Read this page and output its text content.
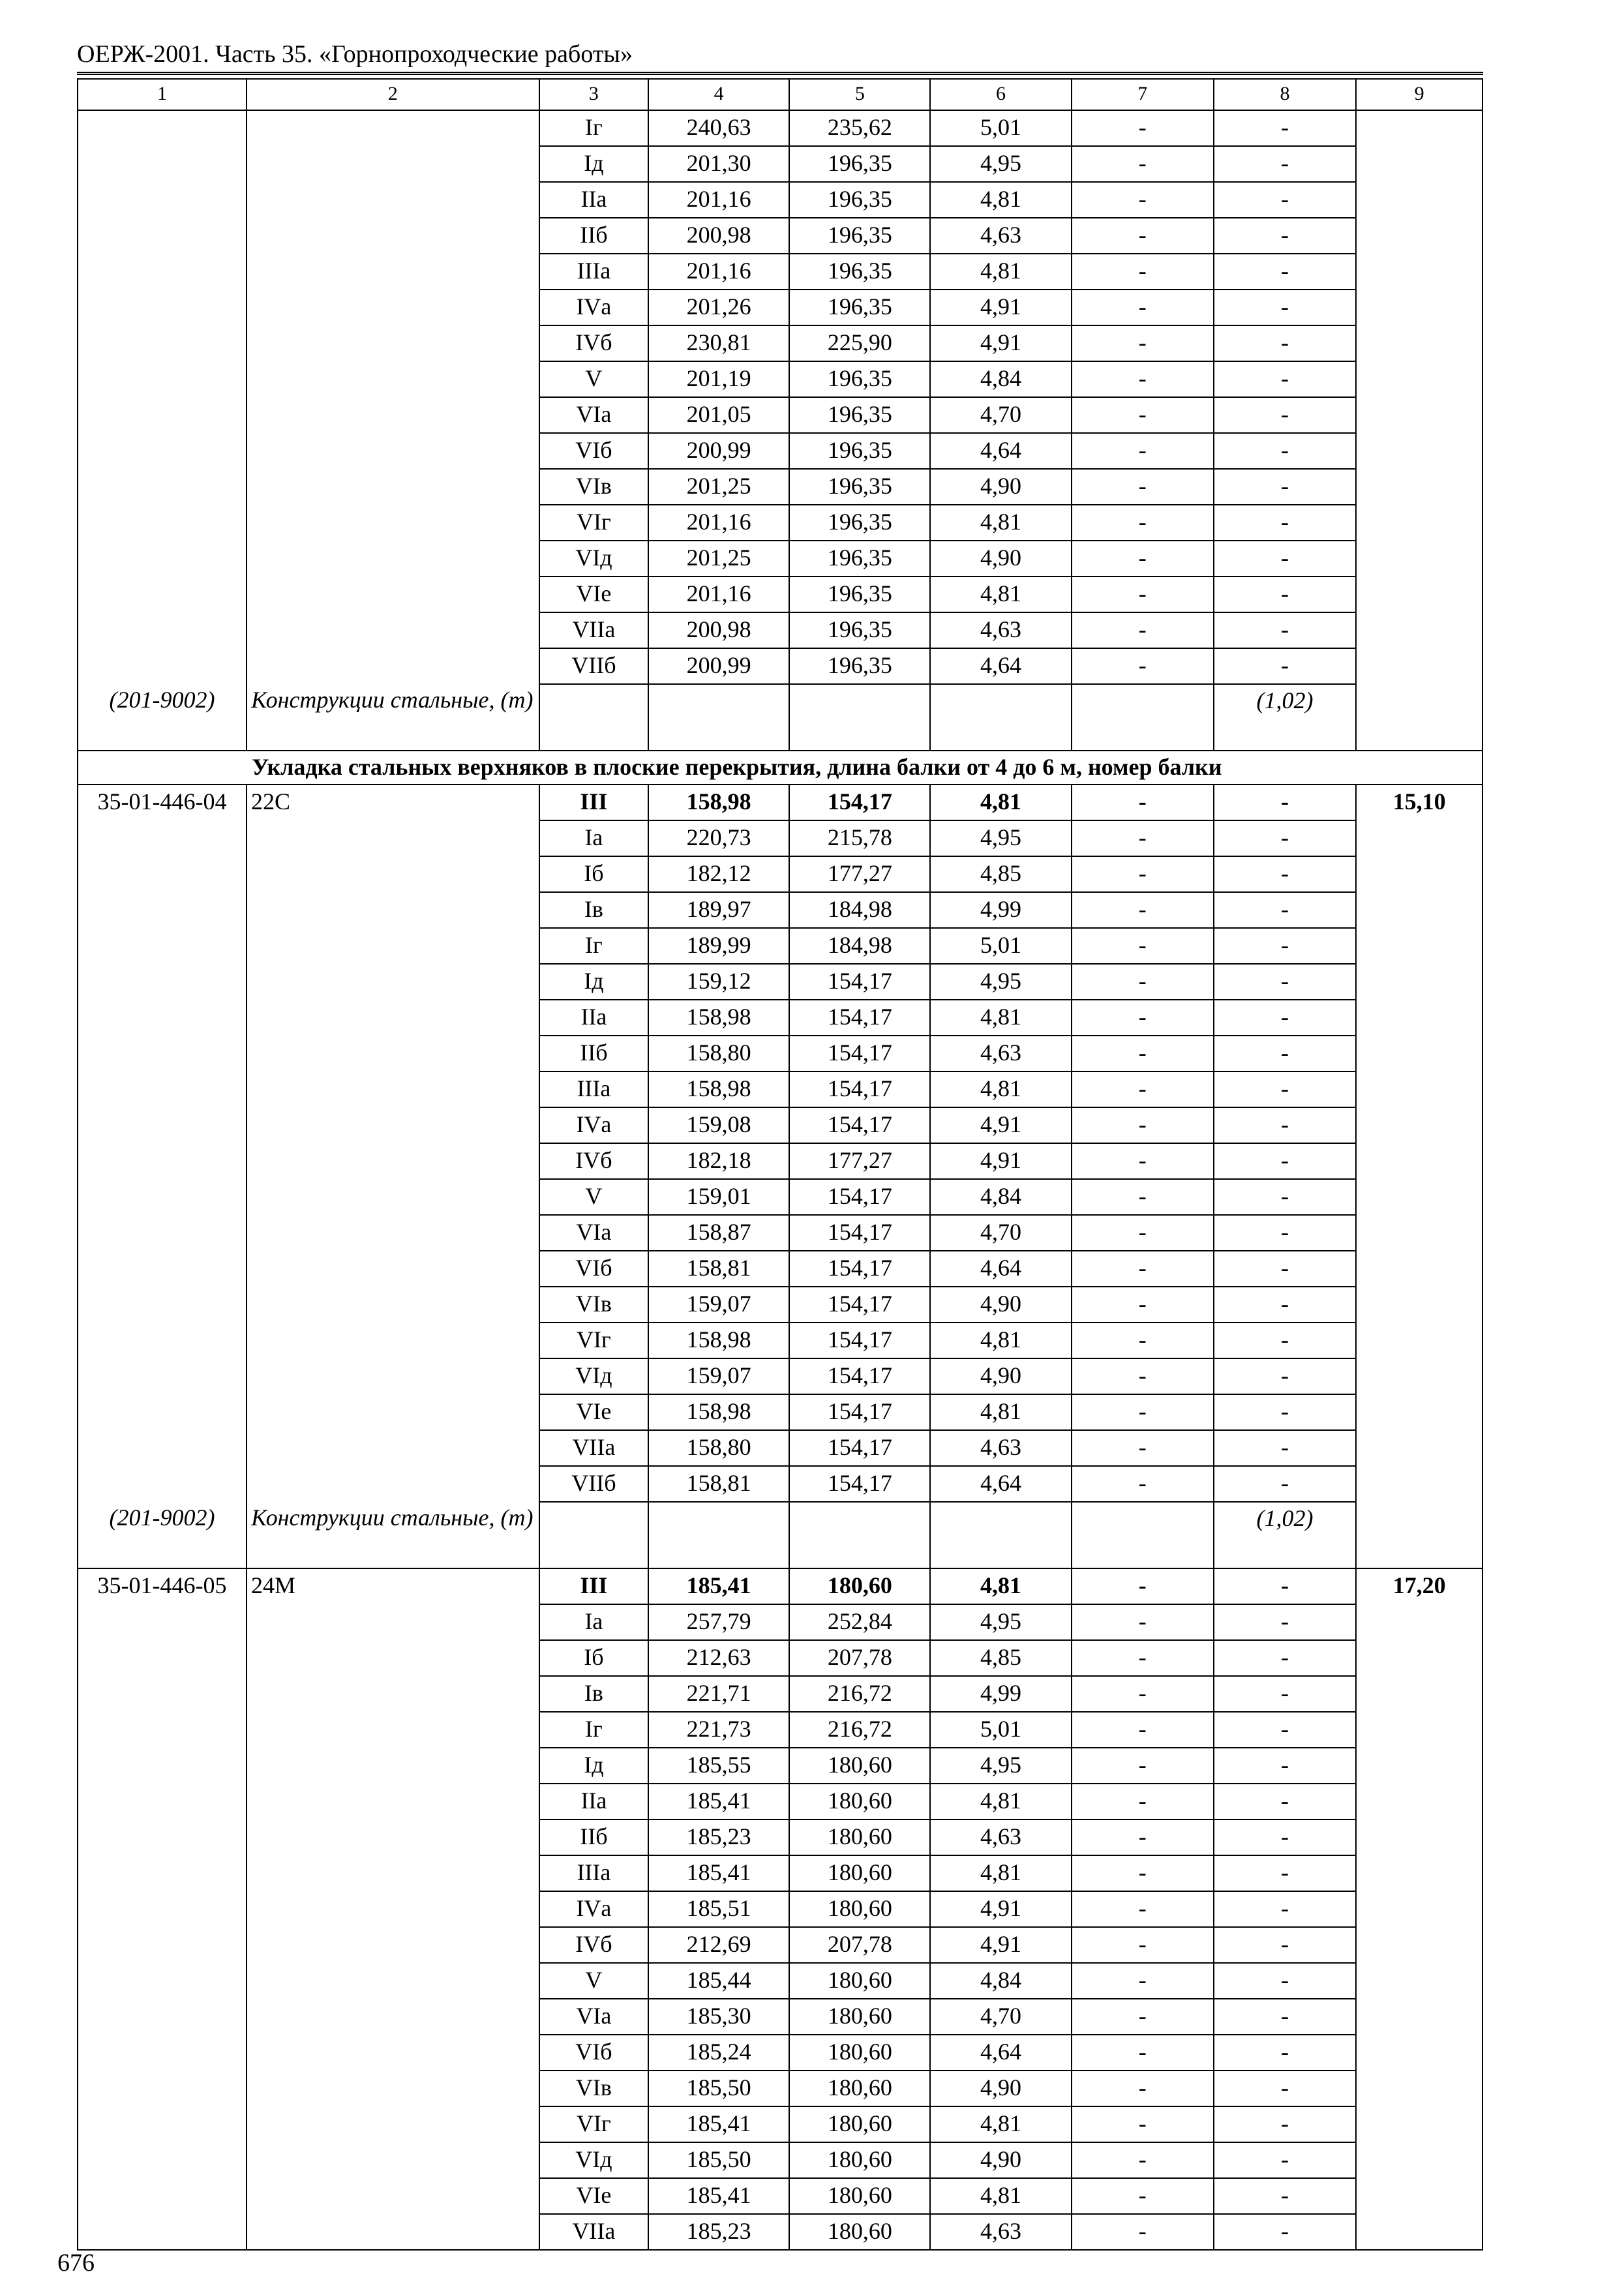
ОЕРЖ-2001. Часть 35. «Горнопроходческие работы»
1	2	3	4	5	6	7	8	9
		Iг	240,63	235,62	5,01	-	-	
		Iд	201,30	196,35	4,95	-	-	
		IIа	201,16	196,35	4,81	-	-	
		IIб	200,98	196,35	4,63	-	-	
		IIIа	201,16	196,35	4,81	-	-	
		IVа	201,26	196,35	4,91	-	-	
		IVб	230,81	225,90	4,91	-	-	
		V	201,19	196,35	4,84	-	-	
		VIа	201,05	196,35	4,70	-	-	
		VIб	200,99	196,35	4,64	-	-	
		VIв	201,25	196,35	4,90	-	-	
		VIг	201,16	196,35	4,81	-	-	
		VIд	201,25	196,35	4,90	-	-	
		VIе	201,16	196,35	4,81	-	-	
		VIIа	200,98	196,35	4,63	-	-	
		VIIб	200,99	196,35	4,64	-	-	
(201-9002)	Конструкции стальные, (т)						(1,02)	
Укладка стальных верхняков в плоские перекрытия, длина балки от 4 до 6 м, номер балки								
35-01-446-04	22С	III	158,98	154,17	4,81	-	-	15,10
		Iа	220,73	215,78	4,95	-	-	
		Iб	182,12	177,27	4,85	-	-	
		Iв	189,97	184,98	4,99	-	-	
		Iг	189,99	184,98	5,01	-	-	
		Iд	159,12	154,17	4,95	-	-	
		IIа	158,98	154,17	4,81	-	-	
		IIб	158,80	154,17	4,63	-	-	
		IIIа	158,98	154,17	4,81	-	-	
		IVа	159,08	154,17	4,91	-	-	
		IVб	182,18	177,27	4,91	-	-	
		V	159,01	154,17	4,84	-	-	
		VIа	158,87	154,17	4,70	-	-	
		VIб	158,81	154,17	4,64	-	-	
		VIв	159,07	154,17	4,90	-	-	
		VIг	158,98	154,17	4,81	-	-	
		VIд	159,07	154,17	4,90	-	-	
		VIе	158,98	154,17	4,81	-	-	
		VIIа	158,80	154,17	4,63	-	-	
		VIIб	158,81	154,17	4,64	-	-	
(201-9002)	Конструкции стальные, (т)						(1,02)	
35-01-446-05	24М	III	185,41	180,60	4,81	-	-	17,20
		Iа	257,79	252,84	4,95	-	-	
		Iб	212,63	207,78	4,85	-	-	
		Iв	221,71	216,72	4,99	-	-	
		Iг	221,73	216,72	5,01	-	-	
		Iд	185,55	180,60	4,95	-	-	
		IIа	185,41	180,60	4,81	-	-	
		IIб	185,23	180,60	4,63	-	-	
		IIIа	185,41	180,60	4,81	-	-	
		IVа	185,51	180,60	4,91	-	-	
		IVб	212,69	207,78	4,91	-	-	
		V	185,44	180,60	4,84	-	-	
		VIа	185,30	180,60	4,70	-	-	
		VIб	185,24	180,60	4,64	-	-	
		VIв	185,50	180,60	4,90	-	-	
		VIг	185,41	180,60	4,81	-	-	
		VIд	185,50	180,60	4,90	-	-	
		VIе	185,41	180,60	4,81	-	-	
		VIIа	185,23	180,60	4,63	-	-	
676
